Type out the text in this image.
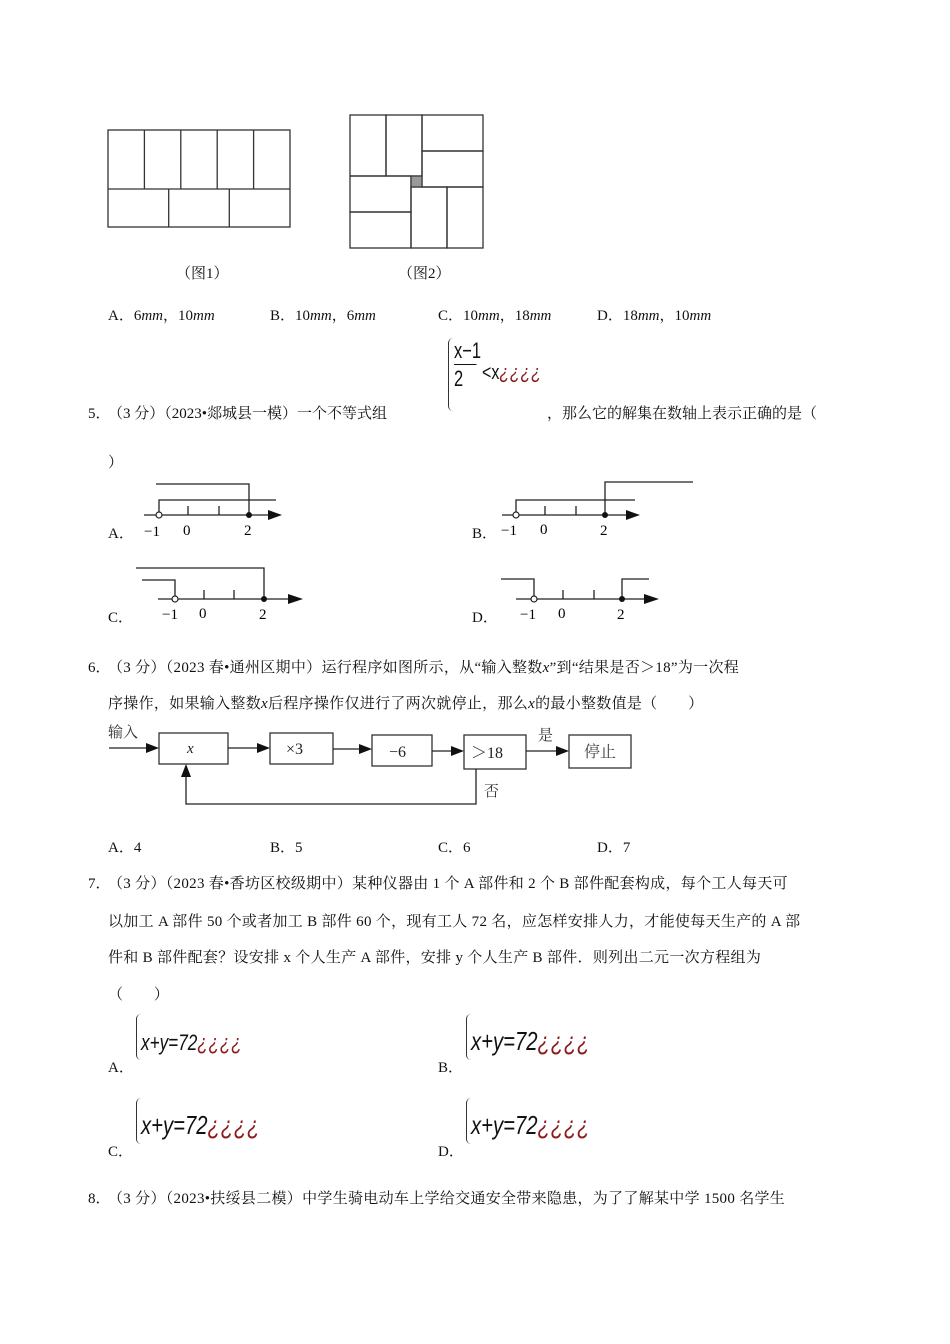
（图1）	（图2）
A．6mm，10mm	B．10mm，6mm	C．10mm，18mm	D．18mm，10mm
$\frac{x-1}{2}$ <x¿¿¿¿
5．
（3 分）（2023•郯城县一模）一个不等式组	，那么它的解集在数轴上表示正确的是（
）
A． −1 0	2	B． −1 0	2
C． −1 0	2	D． −1 0	2
6．
（3 分）（2023 春•通州区期中）运行程序如图所示，从“输入整数x”到“结果是否＞18”为一次程
序操作，如果输入整数x后程序操作仅进行了两次就停止，那么x的最小整数值是（　　）
输入
x	×3	−6	＞18
是
否
停止
A．4	B．5	C．6	D．7
7．
（3 分）（2023 春•香坊区校级期中）某种仪器由 1 个 A 部件和 2 个 B 部件配套构成，每个工人每天可
以加工 A 部件 50 个或者加工 B 部件 60 个，现有工人 72 名，应怎样安排人力，才能使每天生产的 A 部
件和 B 部件配套？设安排 x 个人生产 A 部件，安排 y 个人生产 B 部件．则列出二元一次方程组为
（　　）
A．
x+y=72¿¿¿¿
B．
x+y=72¿¿¿¿
C．
x+y=72¿¿¿¿
D．
x+y=72¿¿¿¿
8．
（3 分）（2023•扶绥县二模）中学生骑电动车上学给交通安全带来隐患，为了了解某中学 1500 名学生
